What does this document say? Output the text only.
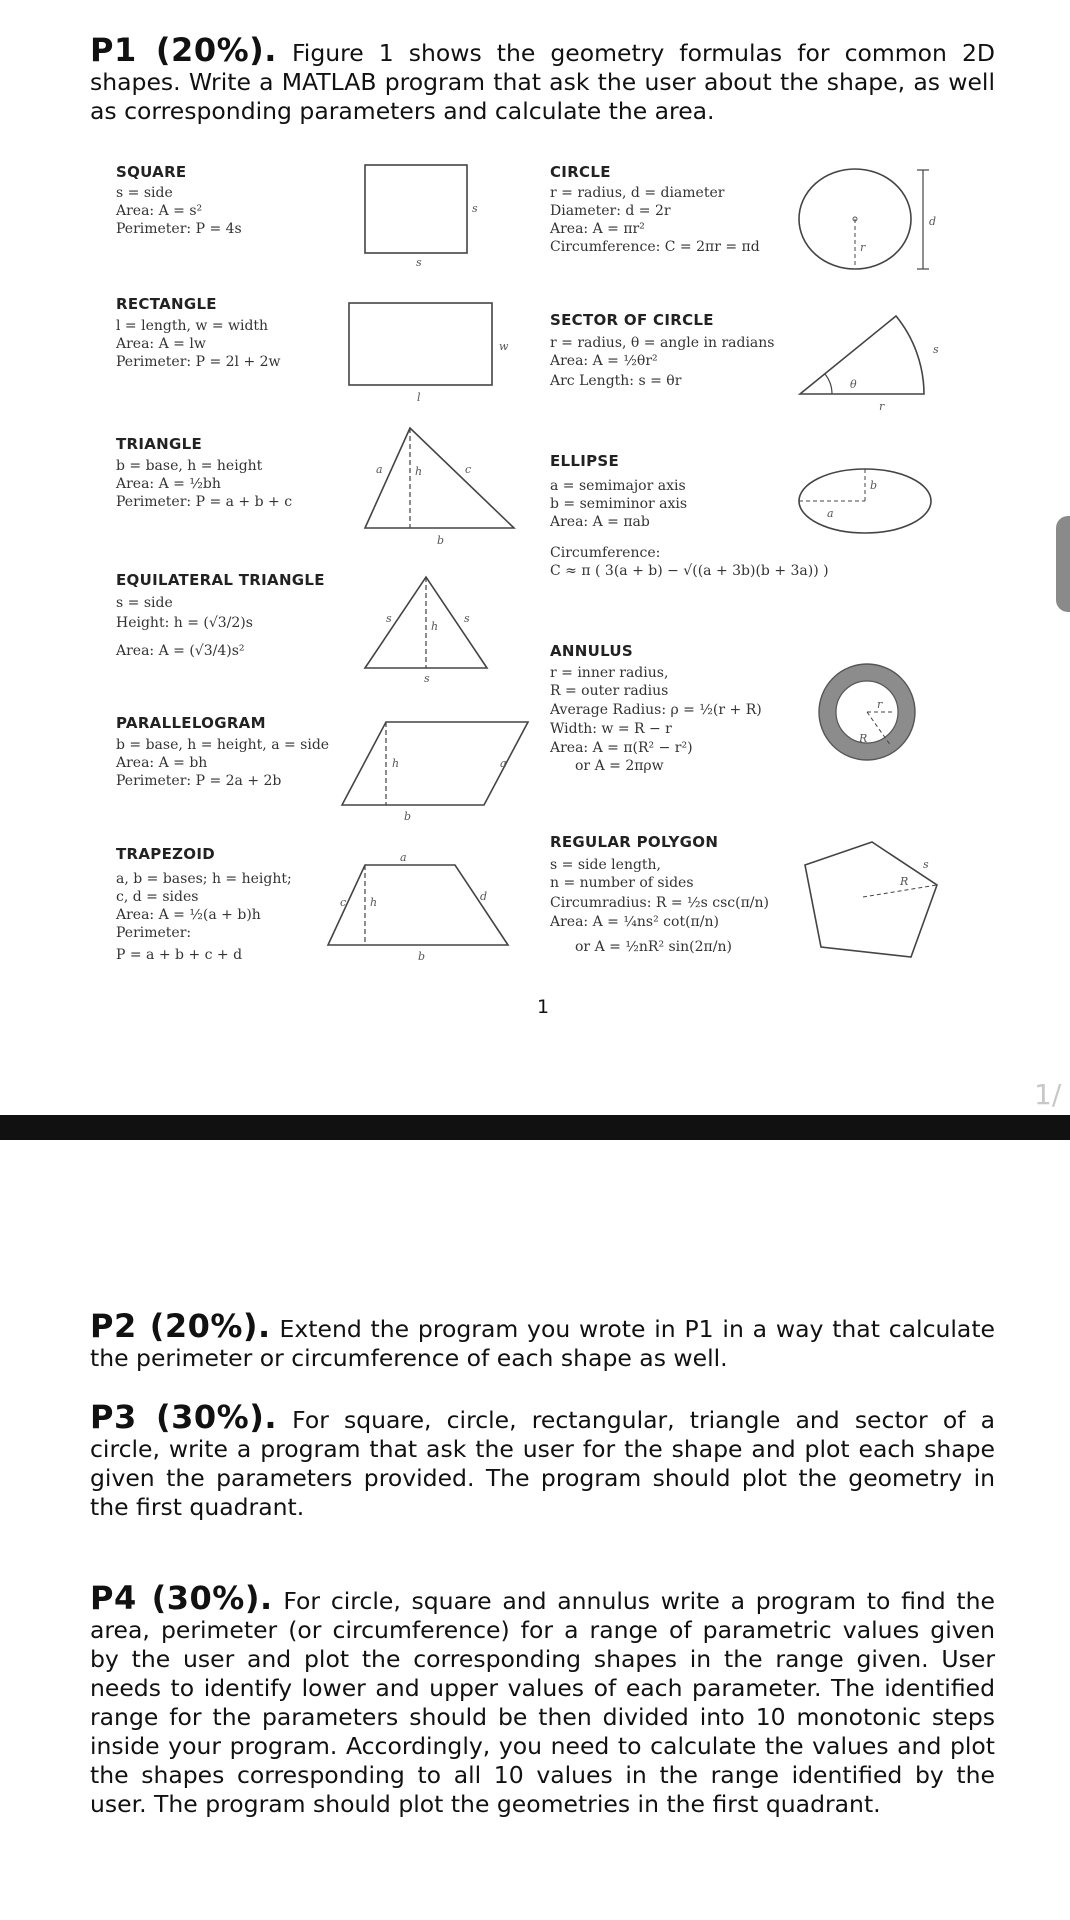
P1 (20%). Figure 1 shows the geometry formulas for common 2D shapes. Write a MATLAB program that ask the user about the shape, as well as corresponding parameters and calculate the area.
SQUARE
s = side
Area: A = s²
Perimeter: P = 4s
s
s
RECTANGLE
l = length, w = width
Area: A = lw
Perimeter: P = 2l + 2w
w
l
TRIANGLE
b = base, h = height
Area: A = ½bh
Perimeter: P = a + b + c
a	c
h
b
EQUILATERAL TRIANGLE
s = side
Height: h = (√3/2)s
Area: A = (√3/4)s²
s	s
h
s
PARALLELOGRAM
b = base, h = height, a = side
Area: A = bh
Perimeter: P = 2a + 2b
h	a
b
TRAPEZOID
a, b = bases; h = height;
c, d = sides
Area: A = ½(a + b)h
Perimeter:
P = a + b + c + d
a
c h	d
b
CIRCLE
r = radius, d = diameter
Diameter: d = 2r
Area: A = πr²
Circumference: C = 2πr = πd	r
d
SECTOR OF CIRCLE
r = radius, θ = angle in radians
Area: A = ½θr²
Arc Length: s = θr	θ
r
s
ELLIPSE
a = semimajor axis
b = semiminor axis
Area: A = πab
Circumference:
C ≈ π ( 3(a + b) − √((a + 3b)(b + 3a)) )
a
b
ANNULUS
r = inner radius,
R = outer radius
Average Radius: ρ = ½(r + R)
Width: w = R − r
Area: A = π(R² − r²)
or A = 2πρw
r
R
REGULAR POLYGON
s = side length,
n = number of sides
Circumradius: R = ½s csc(π/n)
Area: A = ¼ns² cot(π/n)
or A = ½nR² sin(2π/n)
R
s
1
1/
P2 (20%). Extend the program you wrote in P1 in a way that calculate the perimeter or circumference of each shape as well.
P3 (30%). For square, circle, rectangular, triangle and sector of a circle, write a program that ask the user for the shape and plot each shape given the parameters provided. The program should plot the geometry in the first quadrant.
P4 (30%). For circle, square and annulus write a program to find the area, perimeter (or circumference) for a range of parametric values given by the user and plot the corresponding shapes in the range given. User needs to identify lower and upper values of each parameter. The identified range for the parameters should be then divided into 10 monotonic steps inside your program. Accordingly, you need to calculate the values and plot the shapes corresponding to all 10 values in the range identified by the user. The program should plot the geometries in the first quadrant.
